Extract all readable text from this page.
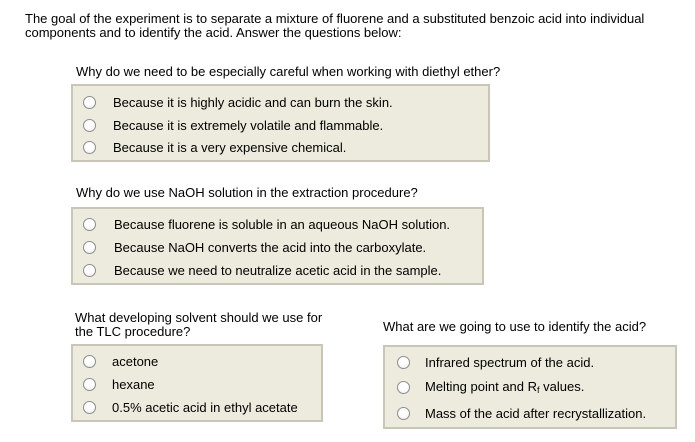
The goal of the experiment is to separate a mixture of fluorene and a substituted benzoic acid into individual components and to identify the acid. Answer the questions below:

Why do we need to be especially careful when working with diethyl ether?

Because it is highly acidic and can burn the skin.
Because it is extremely volatile and flammable.
Because it is a very expensive chemical.

Why do we use NaOH solution in the extraction procedure?

Because fluorene is soluble in an aqueous NaOH solution.
Because NaOH converts the acid into the carboxylate.
Because we need to neutralize acetic acid in the sample.

What developing solvent should we use for the TLC procedure?

acetone
hexane
0.5% acetic acid in ethyl acetate

What are we going to use to identify the acid?

Infrared spectrum of the acid.
Melting point and Rf values.
Mass of the acid after recrystallization.
